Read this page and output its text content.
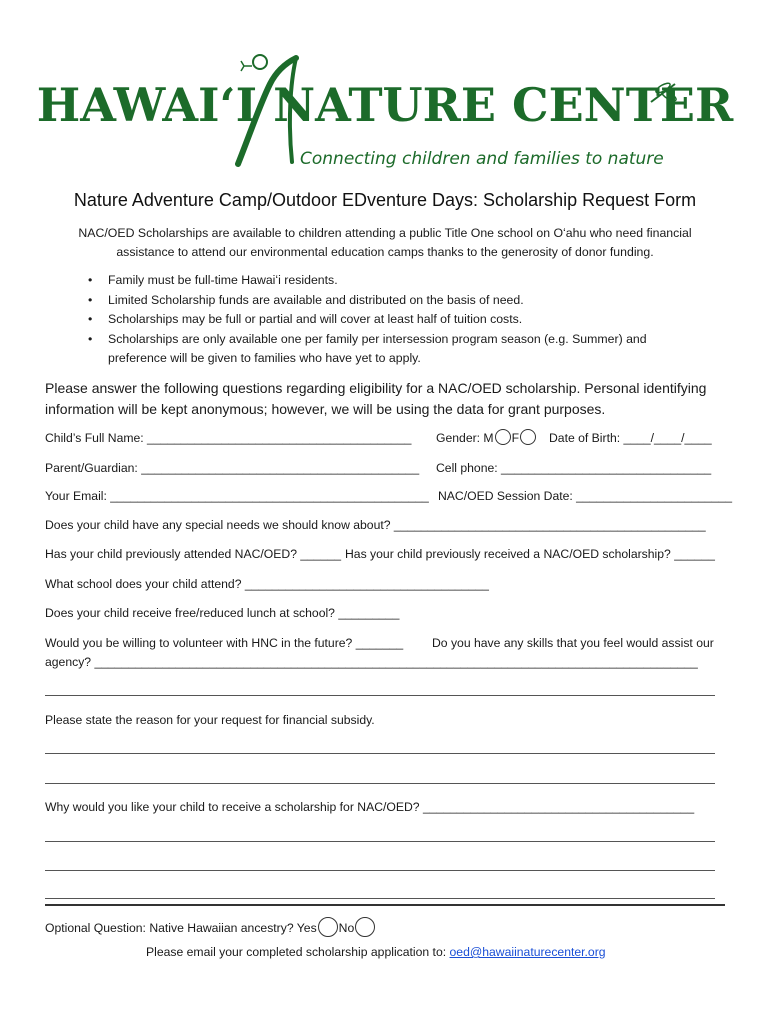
HAWAIʻI NATURE CENTER
Connecting children and families to nature
Nature Adventure Camp/Outdoor EDventure Days: Scholarship Request Form
NAC/OED Scholarships are available to children attending a public Title One school on Oʻahu who need financial assistance to attend our environmental education camps thanks to the generosity of donor funding.
• Family must be full-time Hawaiʻi residents.
• Limited Scholarship funds are available and distributed on the basis of need.
• Scholarships may be full or partial and will cover at least half of tuition costs.
• Scholarships are only available one per family per intersession program season (e.g. Summer) and preference will be given to families who have yet to apply.
Please answer the following questions regarding eligibility for a NAC/OED scholarship. Personal identifying information will be kept anonymous; however, we will be using the data for grant purposes.
Child’s Full Name: _______________________________________ Gender: M F	Date of Birth: ____/____/____
Parent/Guardian: _________________________________________ Cell phone: _______________________________
Your Email: _______________________________________________ NAC/OED Session Date: _______________________
Does your child have any special needs we should know about? ______________________________________________
Has your child previously attended NAC/OED? ______ Has your child previously received a NAC/OED scholarship? ______
What school does your child attend? ____________________________________
Does your child receive free/reduced lunch at school? _________
Would you be willing to volunteer with HNC in the future? _______ Do you have any skills that you feel would assist our
agency? _________________________________________________________________________________________
Please state the reason for your request for financial subsidy.
Why would you like your child to receive a scholarship for NAC/OED? ________________________________________
Optional Question: Native Hawaiian ancestry? Yes No
Please email your completed scholarship application to: oed@hawaiinaturecenter.org
